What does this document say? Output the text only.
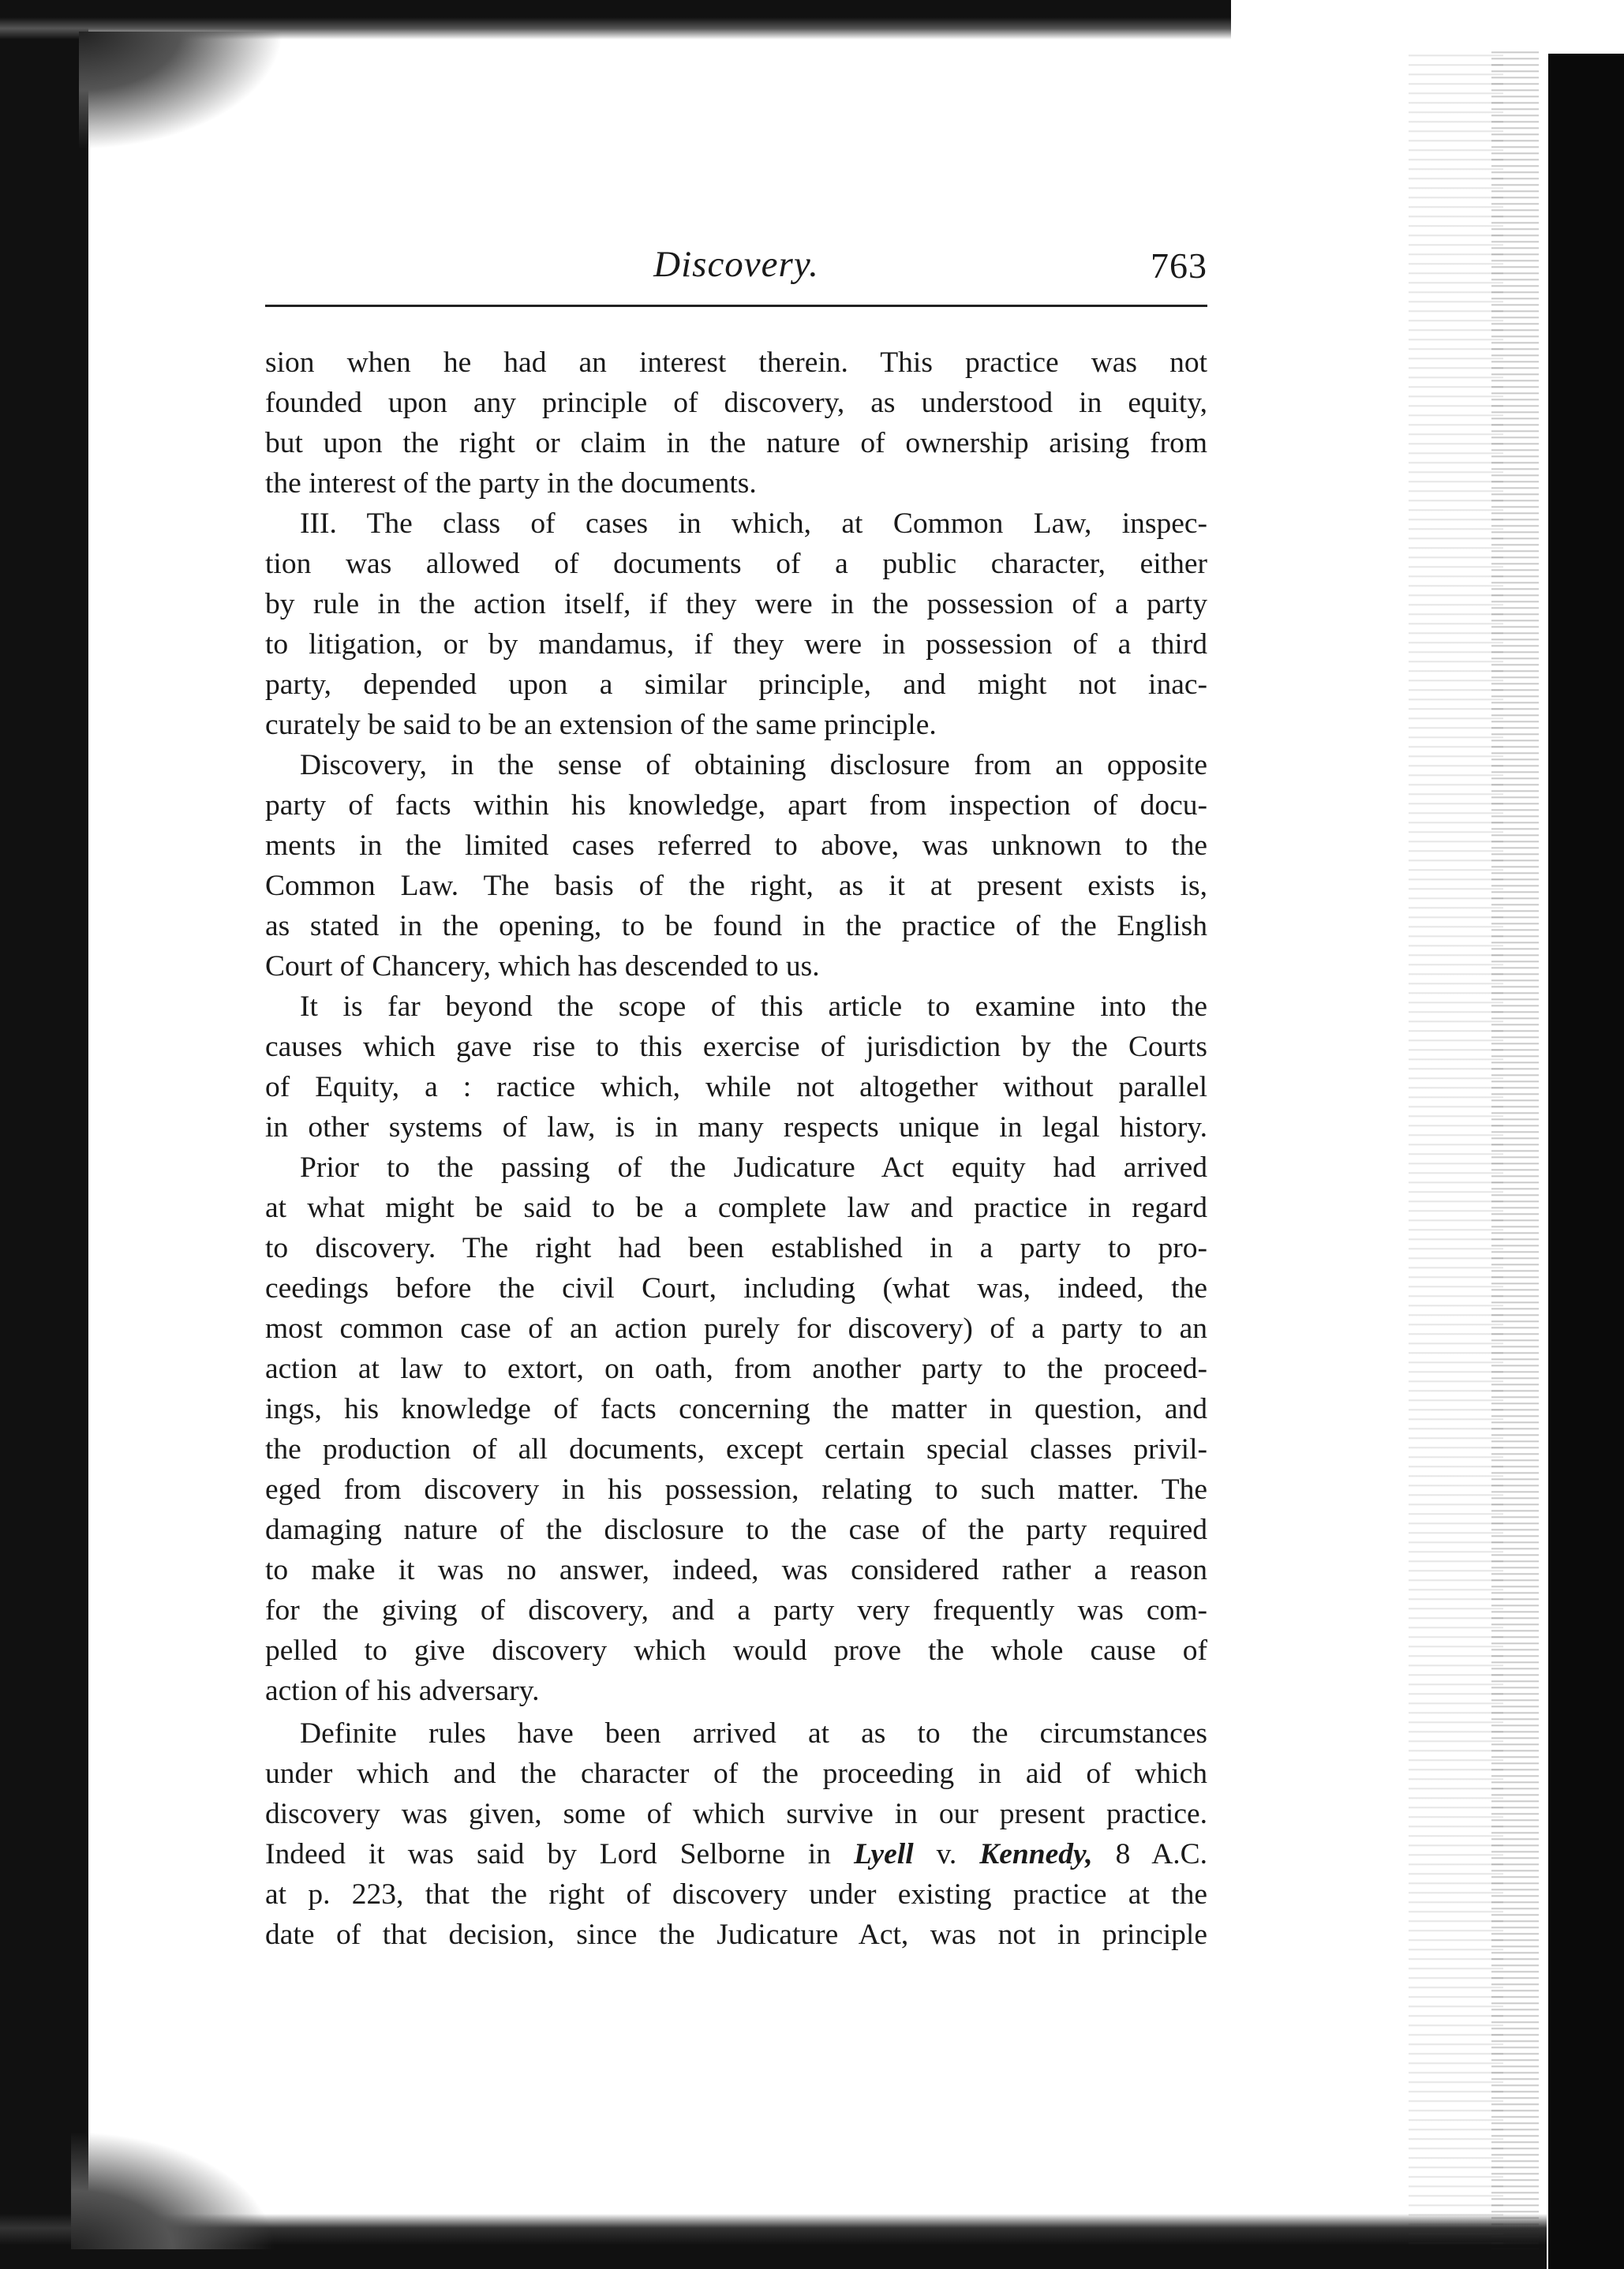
Discovery.	763
sion when he had an interest therein. This practice was not
founded upon any principle of discovery, as understood in equity,
but upon the right or claim in the nature of ownership arising from
the interest of the party in the documents.
III. The class of cases in which, at Common Law, inspec-
tion was allowed of documents of a public character, either
by rule in the action itself, if they were in the possession of a party
to litigation, or by mandamus, if they were in possession of a third
party, depended upon a similar principle, and might not inac-
curately be said to be an extension of the same principle.
Discovery, in the sense of obtaining disclosure from an opposite
party of facts within his knowledge, apart from inspection of docu-
ments in the limited cases referred to above, was unknown to the
Common Law. The basis of the right, as it at present exists is,
as stated in the opening, to be found in the practice of the English
Court of Chancery, which has descended to us.
It is far beyond the scope of this article to examine into the
causes which gave rise to this exercise of jurisdiction by the Courts
of Equity, a : ractice which, while not altogether without parallel
in other systems of law, is in many respects unique in legal history.
Prior to the passing of the Judicature Act equity had arrived
at what might be said to be a complete law and practice in regard
to discovery. The right had been established in a party to pro-
ceedings before the civil Court, including (what was, indeed, the
most common case of an action purely for discovery) of a party to an
action at law to extort, on oath, from another party to the proceed-
ings, his knowledge of facts concerning the matter in question, and
the production of all documents, except certain special classes privil-
eged from discovery in his possession, relating to such matter. The
damaging nature of the disclosure to the case of the party required
to make it was no answer, indeed, was considered rather a reason
for the giving of discovery, and a party very frequently was com-
pelled to give discovery which would prove the whole cause of
action of his adversary.
Definite rules have been arrived at as to the circumstances
under which and the character of the proceeding in aid of which
discovery was given, some of which survive in our present practice.
Indeed it was said by Lord Selborne in Lyell v. Kennedy, 8 A.C.
at p. 223, that the right of discovery under existing practice at the
date of that decision, since the Judicature Act, was not in principle
